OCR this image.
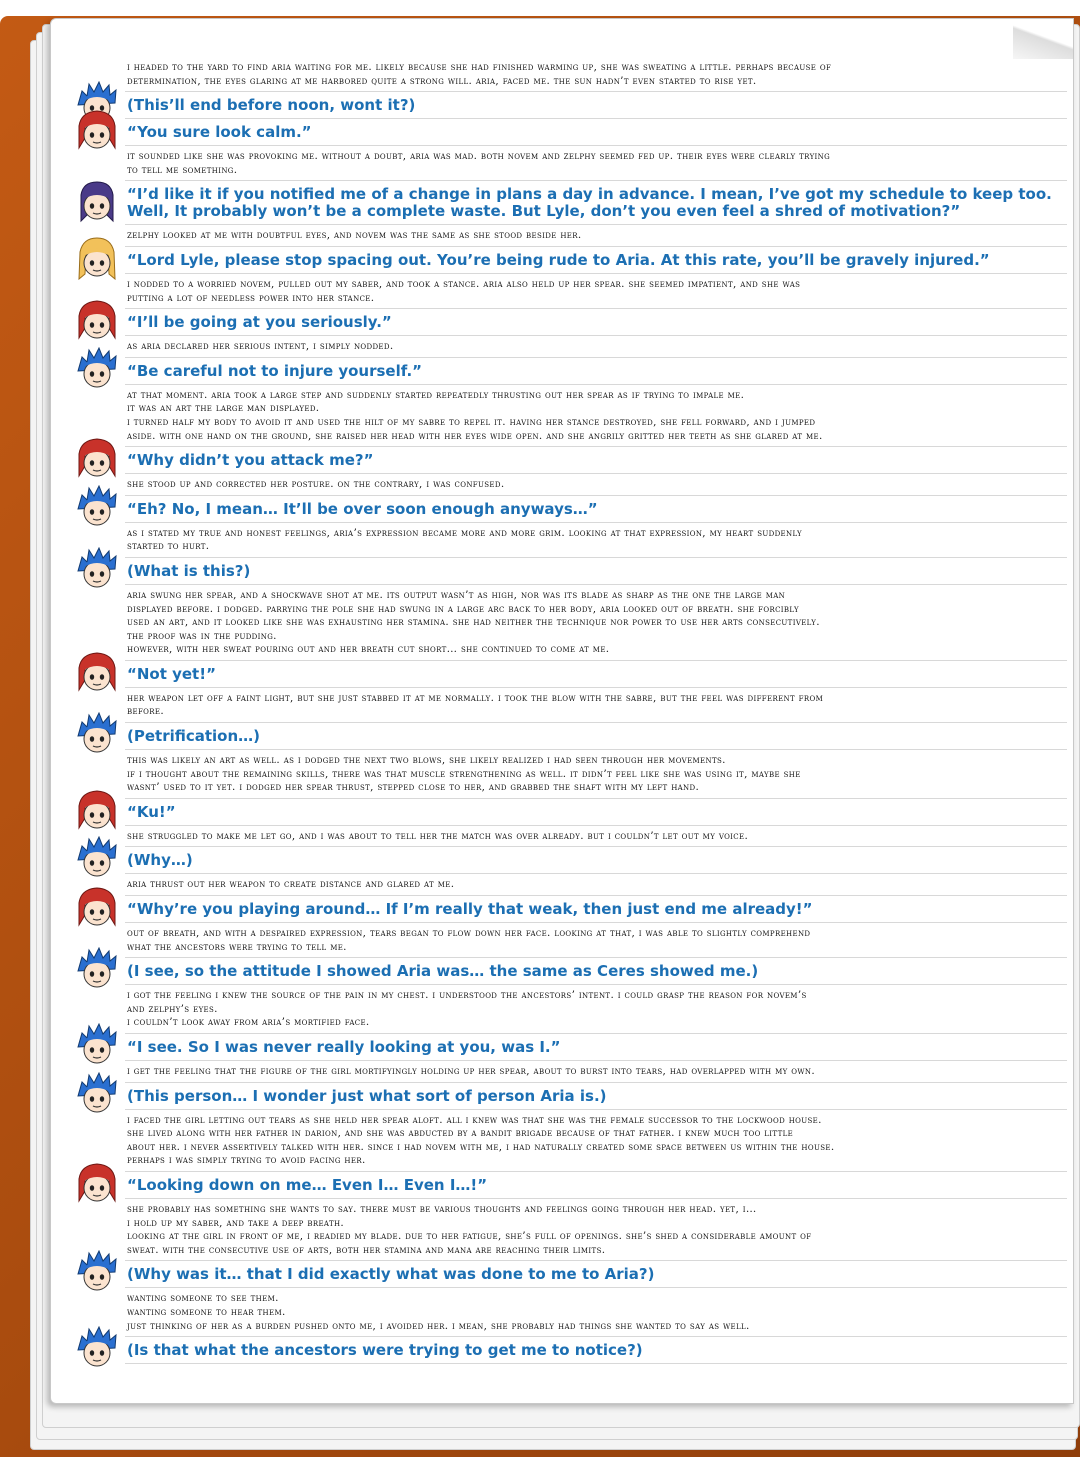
i headed to the yard to find aria waiting for me. likely because she had finished warming up, she was sweating a little. perhaps because of
determination, the eyes glaring at me harbored quite a strong will. aria, faced me. the sun hadn’t even started to rise yet.
(This’ll end before noon, wont it?)
“You sure look calm.”
it sounded like she was provoking me. without a doubt, aria was mad. both novem and zelphy seemed fed up. their eyes were clearly trying
to tell me something.
“I’d like it if you notified me of a change in plans a day in advance. I mean, I’ve got my schedule to keep too. Well, It probably won’t be a complete waste. But Lyle, don’t you even feel a shred of motivation?”
zelphy looked at me with doubtful eyes, and novem was the same as she stood beside her.
“Lord Lyle, please stop spacing out. You’re being rude to Aria. At this rate, you’ll be gravely injured.”
i nodded to a worried novem, pulled out my saber, and took a stance. aria also held up her spear. she seemed impatient, and she was
putting a lot of needless power into her stance.
“I’ll be going at you seriously.”
as aria declared her serious intent, i simply nodded.
“Be careful not to injure yourself.”
at that moment. aria took a large step and suddenly started repeatedly thrusting out her spear as if trying to impale me.
it was an art the large man displayed.
i turned half my body to avoid it and used the hilt of my sabre to repel it. having her stance destroyed, she fell forward, and i jumped
aside. with one hand on the ground, she raised her head with her eyes wide open. and she angrily gritted her teeth as she glared at me.
“Why didn’t you attack me?”
she stood up and corrected her posture. on the contrary, i was confused.
“Eh? No, I mean… It’ll be over soon enough anyways…”
as i stated my true and honest feelings, aria’s expression became more and more grim. looking at that expression, my heart suddenly
started to hurt.
(What is this?)
aria swung her spear, and a shockwave shot at me. its output wasn’t as high, nor was its blade as sharp as the one the large man
displayed before. i dodged. parrying the pole she had swung in a large arc back to her body, aria looked out of breath. she forcibly
used an art, and it looked like she was exhausting her stamina. she had neither the technique nor power to use her arts consecutively.
the proof was in the pudding.
however, with her sweat pouring out and her breath cut short… she continued to come at me.
“Not yet!”
her weapon let off a faint light, but she just stabbed it at me normally. i took the blow with the sabre, but the feel was different from
before.
(Petrification…)
this was likely an art as well. as i dodged the next two blows, she likely realized i had seen through her movements.
if i thought about the remaining skills, there was that muscle strengthening as well. it didn’t feel like she was using it, maybe she
wasnt’ used to it yet. i dodged her spear thrust, stepped close to her, and grabbed the shaft with my left hand.
“Ku!”
she struggled to make me let go, and i was about to tell her the match was over already. but i couldn’t let out my voice.
(Why…)
aria thrust out her weapon to create distance and glared at me.
“Why’re you playing around… If I’m really that weak, then just end me already!”
out of breath, and with a despaired expression, tears began to flow down her face. looking at that, i was able to slightly comprehend
what the ancestors were trying to tell me.
(I see, so the attitude I showed Aria was… the same as Ceres showed me.)
i got the feeling i knew the source of the pain in my chest. i understood the ancestors’ intent. i could grasp the reason for novem’s
and zelphy’s eyes.
i couldn’t look away from aria’s mortified face.
“I see. So I was never really looking at you, was I.”
i get the feeling that the figure of the girl mortifyingly holding up her spear, about to burst into tears, had overlapped with my own.
(This person… I wonder just what sort of person Aria is.)
i faced the girl letting out tears as she held her spear aloft. all i knew was that she was the female successor to the lockwood house.
she lived along with her father in darion, and she was abducted by a bandit brigade because of that father. i knew much too little
about her. i never assertively talked with her. since i had novem with me, i had naturally created some space between us within the house.
perhaps i was simply trying to avoid facing her.
“Looking down on me… Even I… Even I…!”
she probably has something she wants to say. there must be various thoughts and feelings going through her head. yet, i…
i hold up my saber, and take a deep breath.
looking at the girl in front of me, i readied my blade. due to her fatigue, she’s full of openings. she’s shed a considerable amount of
sweat. with the consecutive use of arts, both her stamina and mana are reaching their limits.
(Why was it… that I did exactly what was done to me to Aria?)
wanting someone to see them.
wanting someone to hear them.
just thinking of her as a burden pushed onto me, i avoided her. i mean, she probably had things she wanted to say as well.
(Is that what the ancestors were trying to get me to notice?)
